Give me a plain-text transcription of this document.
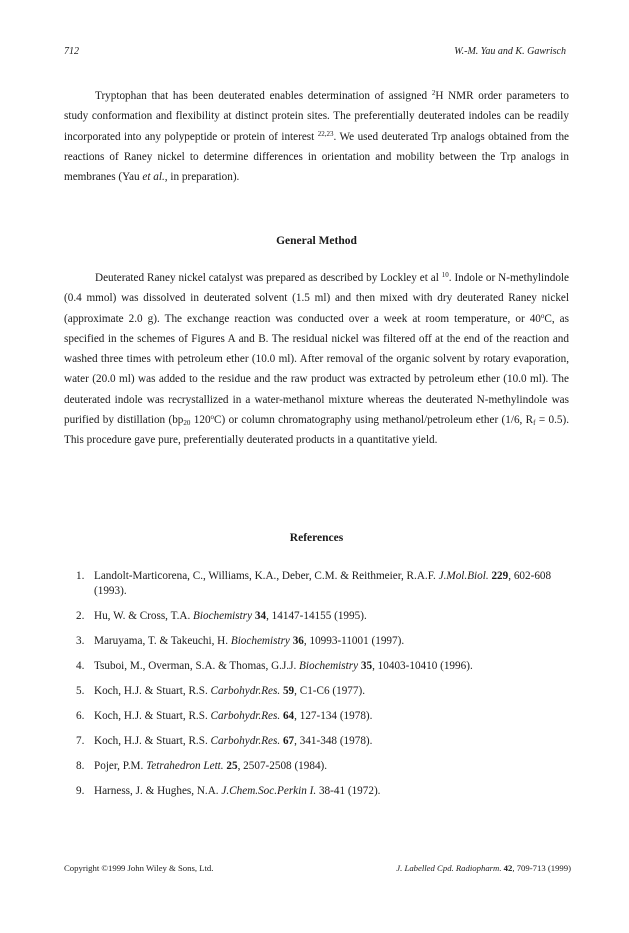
712	W.-M. Yau and K. Gawrisch

Tryptophan that has been deuterated enables determination of assigned $^2$H NMR order parameters to study conformation and flexibility at distinct protein sites. The preferentially deuterated indoles can be readily incorporated into any polypeptide or protein of interest $^{22,23}$. We used deuterated Trp analogs obtained from the reactions of Raney nickel to determine differences in orientation and mobility between the Trp analogs in membranes (Yau et al., in preparation).

General Method

Deuterated Raney nickel catalyst was prepared as described by Lockley et al $^{10}$. Indole or N-methylindole (0.4 mmol) was dissolved in deuterated solvent (1.5 ml) and then mixed with dry deuterated Raney nickel (approximate 2.0 g). The exchange reaction was conducted over a week at room temperature, or 40$^o$C, as specified in the schemes of Figures A and B. The residual nickel was filtered off at the end of the reaction and washed three times with petroleum ether (10.0 ml). After removal of the organic solvent by rotary evaporation, water (20.0 ml) was added to the residue and the raw product was extracted by petroleum ether (10.0 ml). The deuterated indole was recrystallized in a water-methanol mixture whereas the deuterated N-methylindole was purified by distillation ($bp_{20}$ 120$^o$C) or column chromatography using methanol/petroleum ether (1/6, $R_f = 0.5$). This procedure gave pure, preferentially deuterated products in a quantitative yield.

References
1. Landolt-Marticorena, C., Williams, K.A., Deber, C.M. & Reithmeier, R.A.F. J.Mol.Biol. 229, 602-608 (1993).
2. Hu, W. & Cross, T.A. Biochemistry 34, 14147-14155 (1995).
3. Maruyama, T. & Takeuchi, H. Biochemistry 36, 10993-11001 (1997).
4. Tsuboi, M., Overman, S.A. & Thomas, G.J.J. Biochemistry 35, 10403-10410 (1996).
5. Koch, H.J. & Stuart, R.S. Carbohydr.Res. 59, C1-C6 (1977).
6. Koch, H.J. & Stuart, R.S. Carbohydr.Res. 64, 127-134 (1978).
7. Koch, H.J. & Stuart, R.S. Carbohydr.Res. 67, 341-348 (1978).
8. Pojer, P.M. Tetrahedron Lett. 25, 2507-2508 (1984).
9. Harness, J. & Hughes, N.A. J.Chem.Soc.Perkin I. 38-41 (1972).
Copyright ©1999 John Wiley & Sons, Ltd.	J. Labelled Cpd. Radiopharm. 42, 709-713 (1999)
